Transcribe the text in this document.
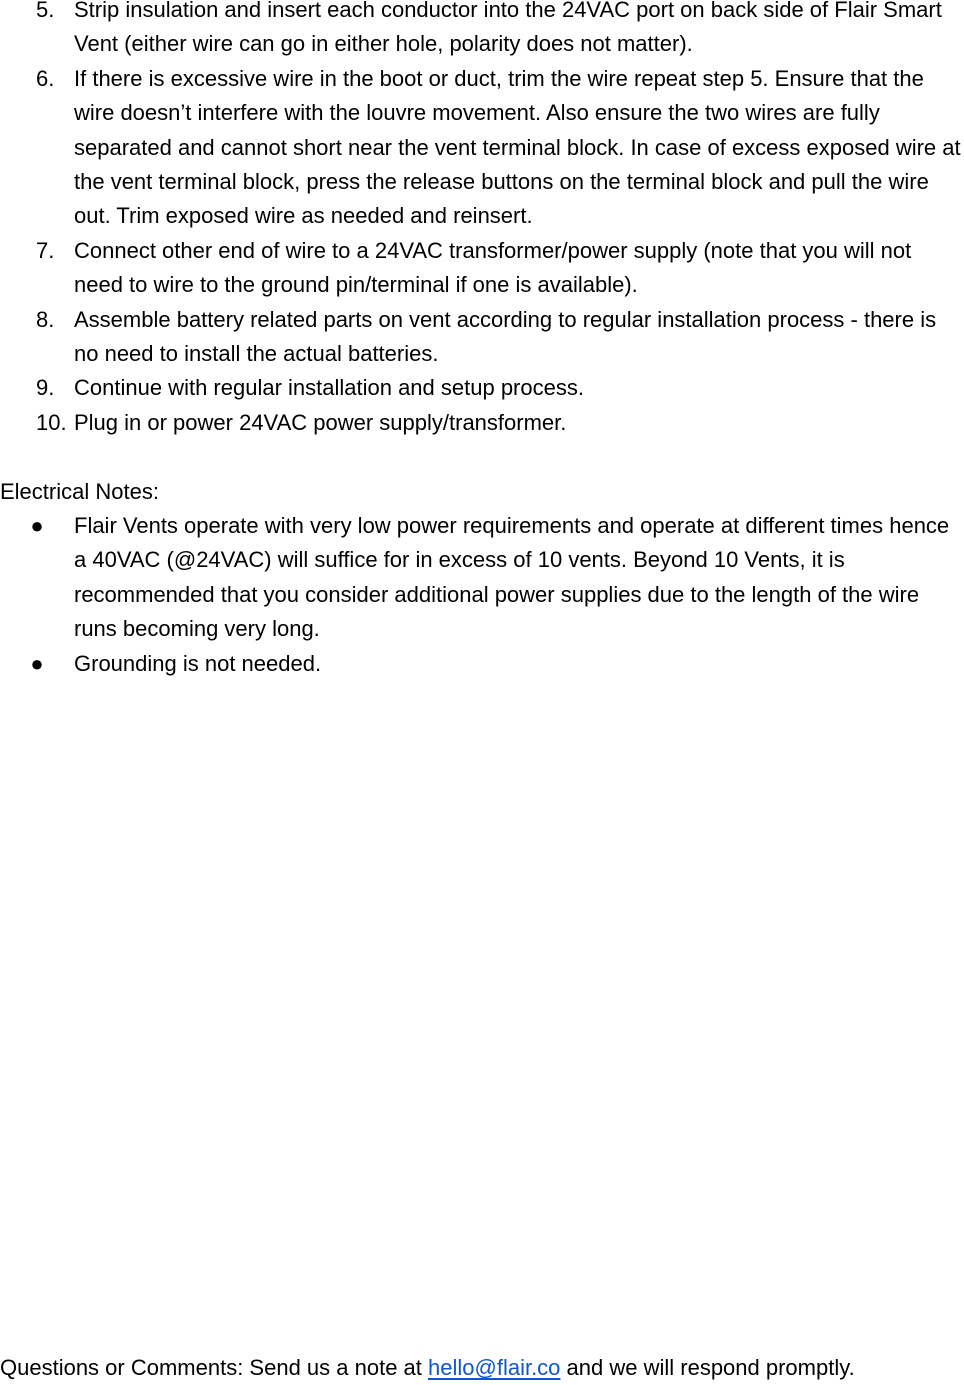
5. Strip insulation and insert each conductor into the 24VAC port on back side of Flair Smart Vent (either wire can go in either hole, polarity does not matter).
6. If there is excessive wire in the boot or duct, trim the wire repeat step 5. Ensure that the wire doesn’t interfere with the louvre movement. Also ensure the two wires are fully separated and cannot short near the vent terminal block. In case of excess exposed wire at the vent terminal block, press the release buttons on the terminal block and pull the wire out. Trim exposed wire as needed and reinsert.
7. Connect other end of wire to a 24VAC transformer/power supply (note that you will not need to wire to the ground pin/terminal if one is available).
8. Assemble battery related parts on vent according to regular installation process - there is no need to install the actual batteries.
9. Continue with regular installation and setup process.
10. Plug in or power 24VAC power supply/transformer.

Electrical Notes:

● Flair Vents operate with very low power requirements and operate at different times hence a 40VAC (@24VAC) will suffice for in excess of 10 vents. Beyond 10 Vents, it is recommended that you consider additional power supplies due to the length of the wire runs becoming very long.
● Grounding is not needed.
Questions or Comments: Send us a note at hello@flair.co and we will respond promptly.
